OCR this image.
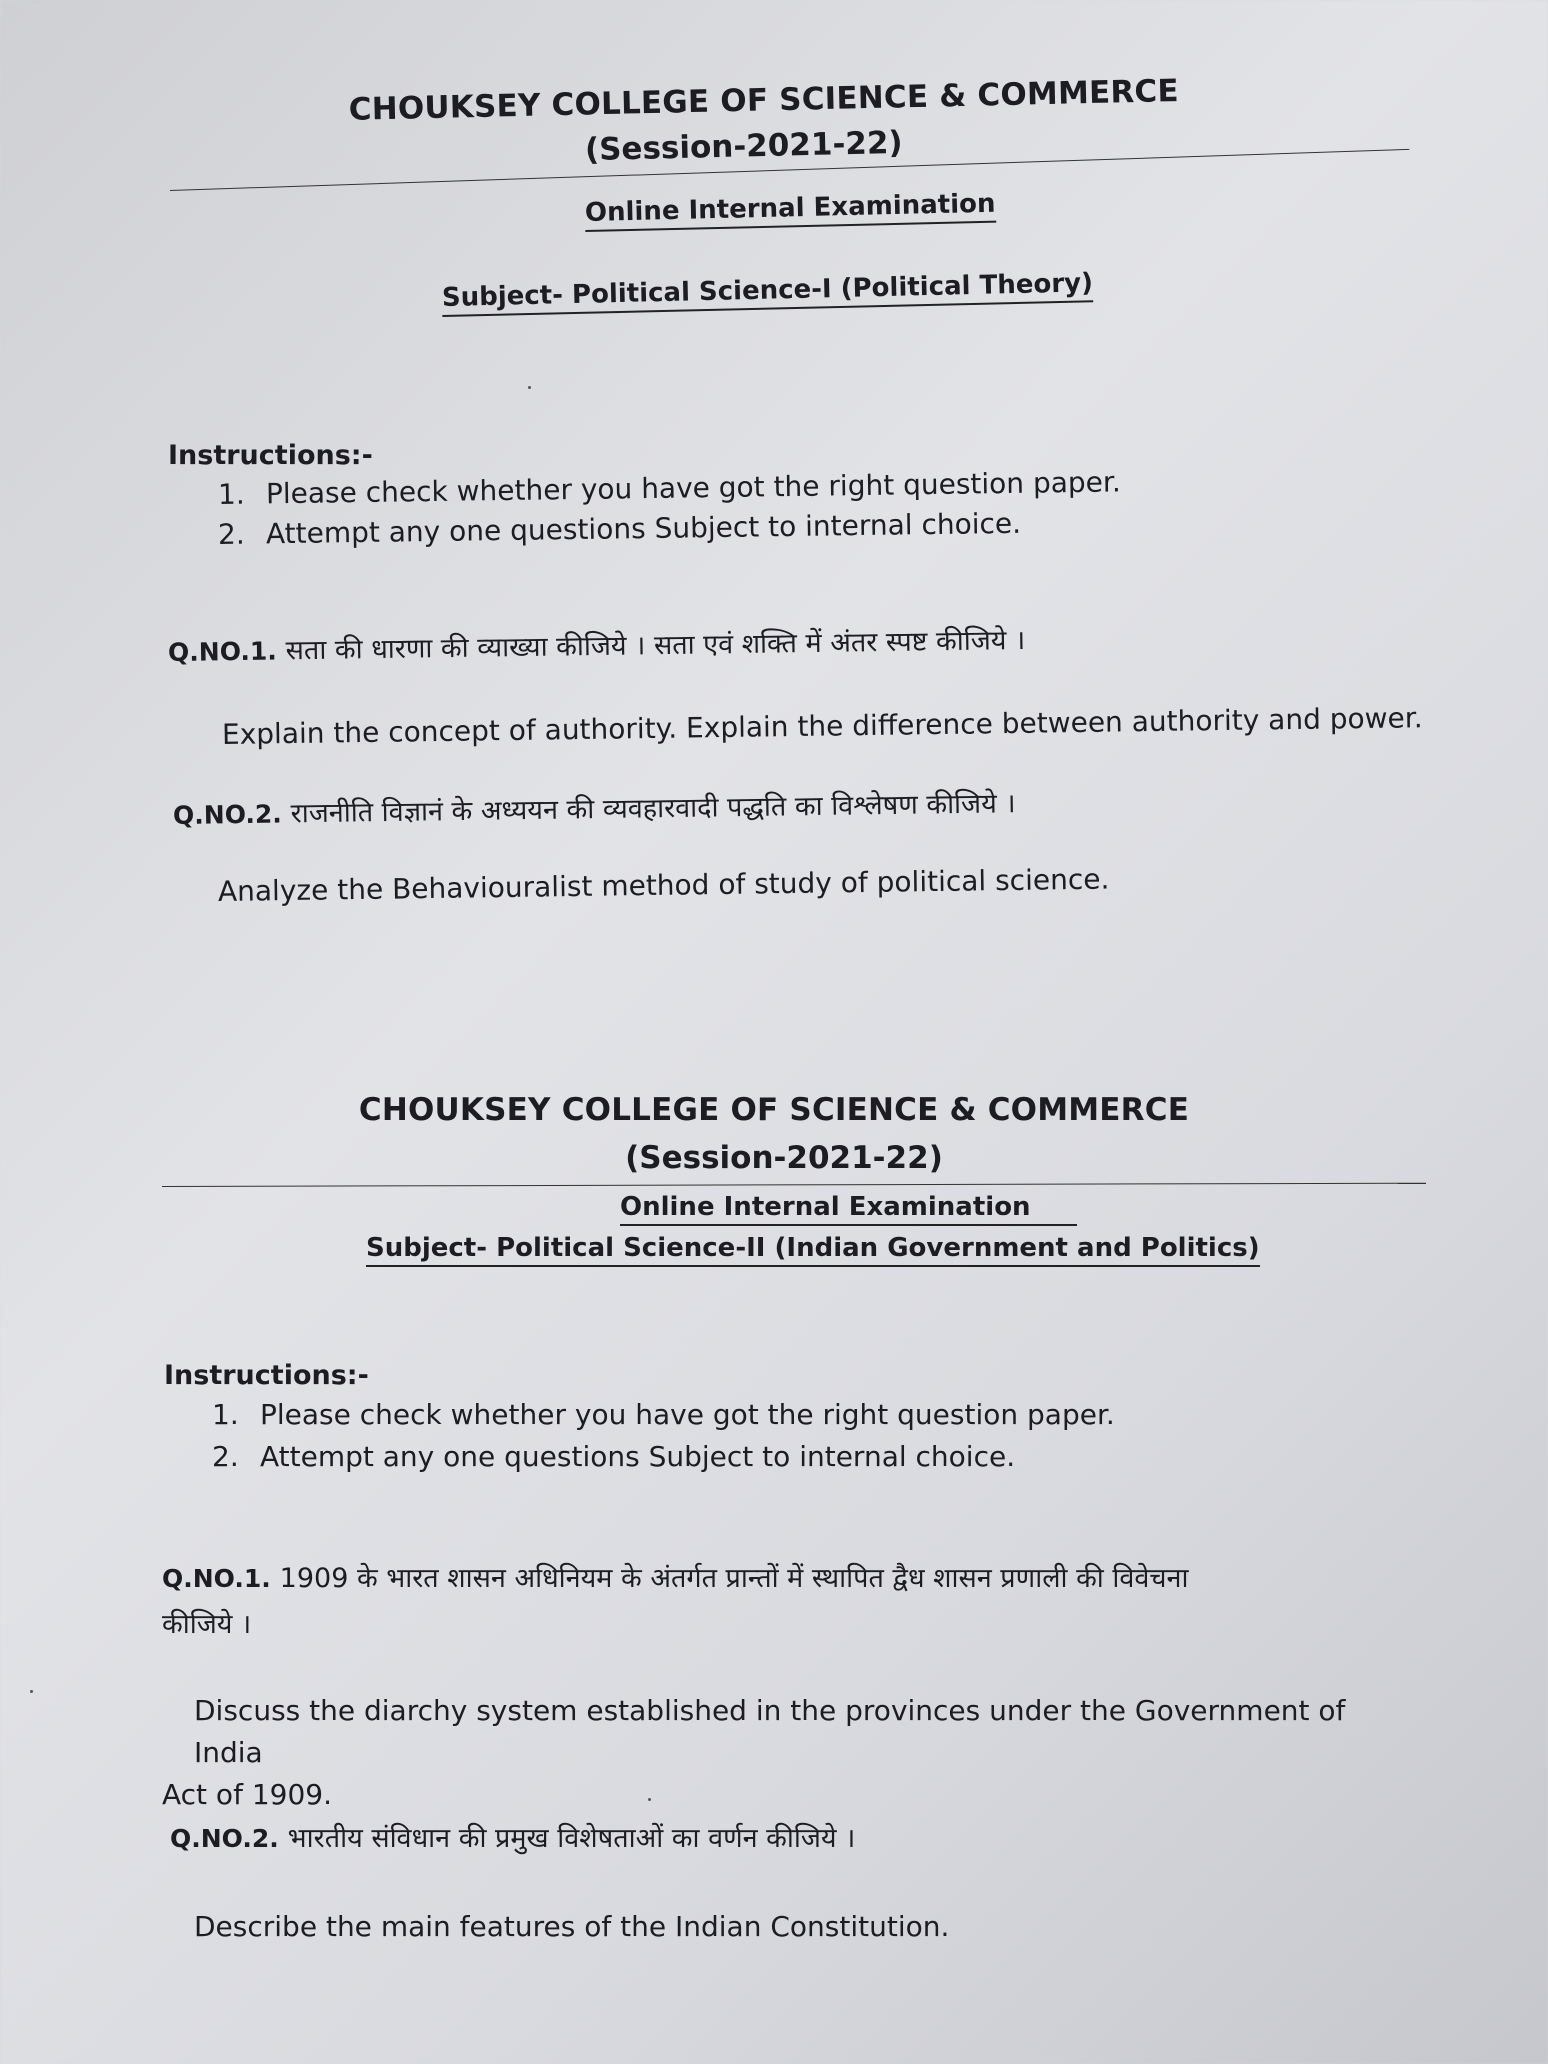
CHOUKSEY COLLEGE OF SCIENCE & COMMERCE
(Session-2021-22)
Online Internal Examination
Subject- Political Science-I (Political Theory)
Instructions:-
1. Please check whether you have got the right question paper.
2. Attempt any one questions Subject to internal choice.
Q.NO.1. सता की धारणा की व्याख्या कीजिये । सता एवं शक्ति में अंतर स्पष्ट कीजिये ।
Explain the concept of authority. Explain the difference between authority and power.
Q.NO.2. राजनीति विज्ञानं के अध्ययन की व्यवहारवादी पद्धति का विश्लेषण कीजिये ।
Analyze the Behaviouralist method of study of political science.
CHOUKSEY COLLEGE OF SCIENCE & COMMERCE
(Session-2021-22)
Online Internal Examination
Subject- Political Science-II (Indian Government and Politics)
Instructions:-
1. Please check whether you have got the right question paper.
2. Attempt any one questions Subject to internal choice.
Q.NO.1. 1909 के भारत शासन अधिनियम के अंतर्गत प्रान्तों में स्थापित द्वैध शासन प्रणाली की विवेचना
कीजिये ।
Discuss the diarchy system established in the provinces under the Government of India
Act of 1909.
Q.NO.2. भारतीय संविधान की प्रमुख विशेषताओं का वर्णन कीजिये ।
Describe the main features of the Indian Constitution.
